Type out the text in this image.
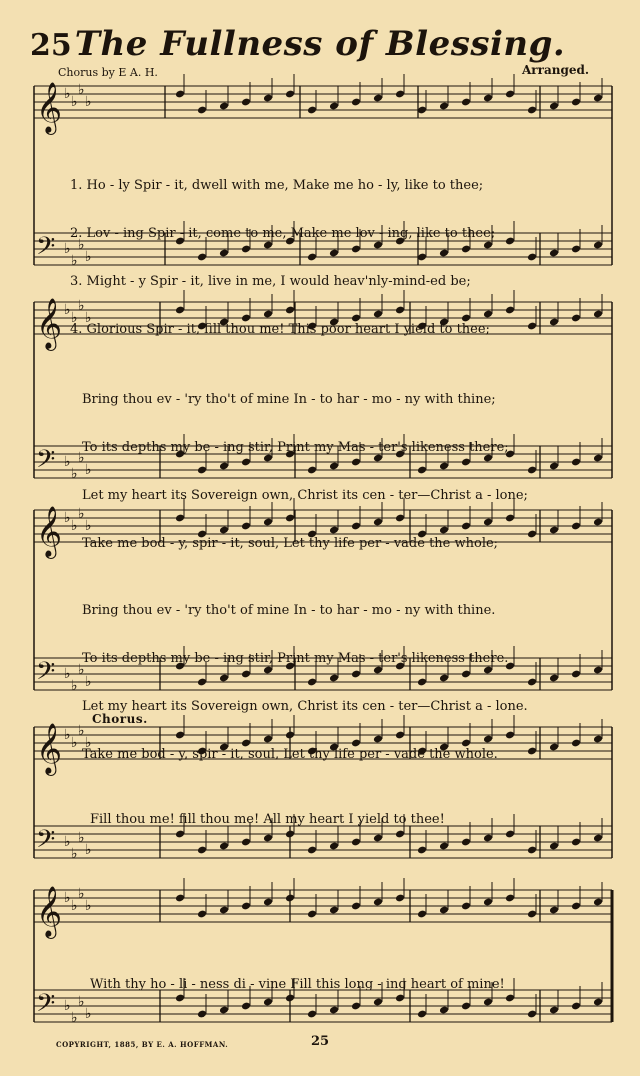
25 The Fullness of Blessing.
Chorus by E A. H.	Arranged.
𝄞 ♭ ♭
♭
♭
𝄢 ♭
♭
♭
♭
𝄞 ♭ ♭
♭
♭
𝄢 ♭
♭
♭
♭
𝄞 ♭ ♭
♭
♭
𝄢 ♭
♭
♭
♭
𝄞 ♭ ♭
♭
♭
𝄢 ♭
♭
♭
♭
𝄞 ♭ ♭
♭
♭
𝄢 ♭
♭
♭
♭

1. Ho - ly Spir - it, dwell with me, Make me ho - ly, like to thee;

2. Lov - ing Spir - it, come to me, Make me lov - ing, like to thee;

3. Might - y Spir - it, live in me, I would heav'nly-mind-ed be;

4. Glorious Spir - it, fill thou me! This poor heart I yield to thee;

Bring thou ev - 'ry tho't of mine In - to har - mo - ny with thine;

To its depths my be - ing stir, Print my Mas - ter's likeness there;

Let my heart its Sovereign own, Christ its cen - ter—Christ a - lone;

Take me bod - y, spir - it, soul, Let thy life per - vade the whole;

Bring thou ev - 'ry tho't of mine In - to har - mo - ny with thine.

To its depths my be - ing stir, Print my Mas - ter's likeness there.

Let my heart its Sovereign own, Christ its cen - ter—Christ a - lone.

Take me bod - y, spir - it, soul, Let thy life per - vade the whole.

Chorus.

Fill thou me! fill thou me! All my heart I yield to thee!

With thy ho - li - ness di - vine Fill this long - ing heart of mine!

COPYRIGHT, 1885, BY E. A. HOFFMAN.	25
